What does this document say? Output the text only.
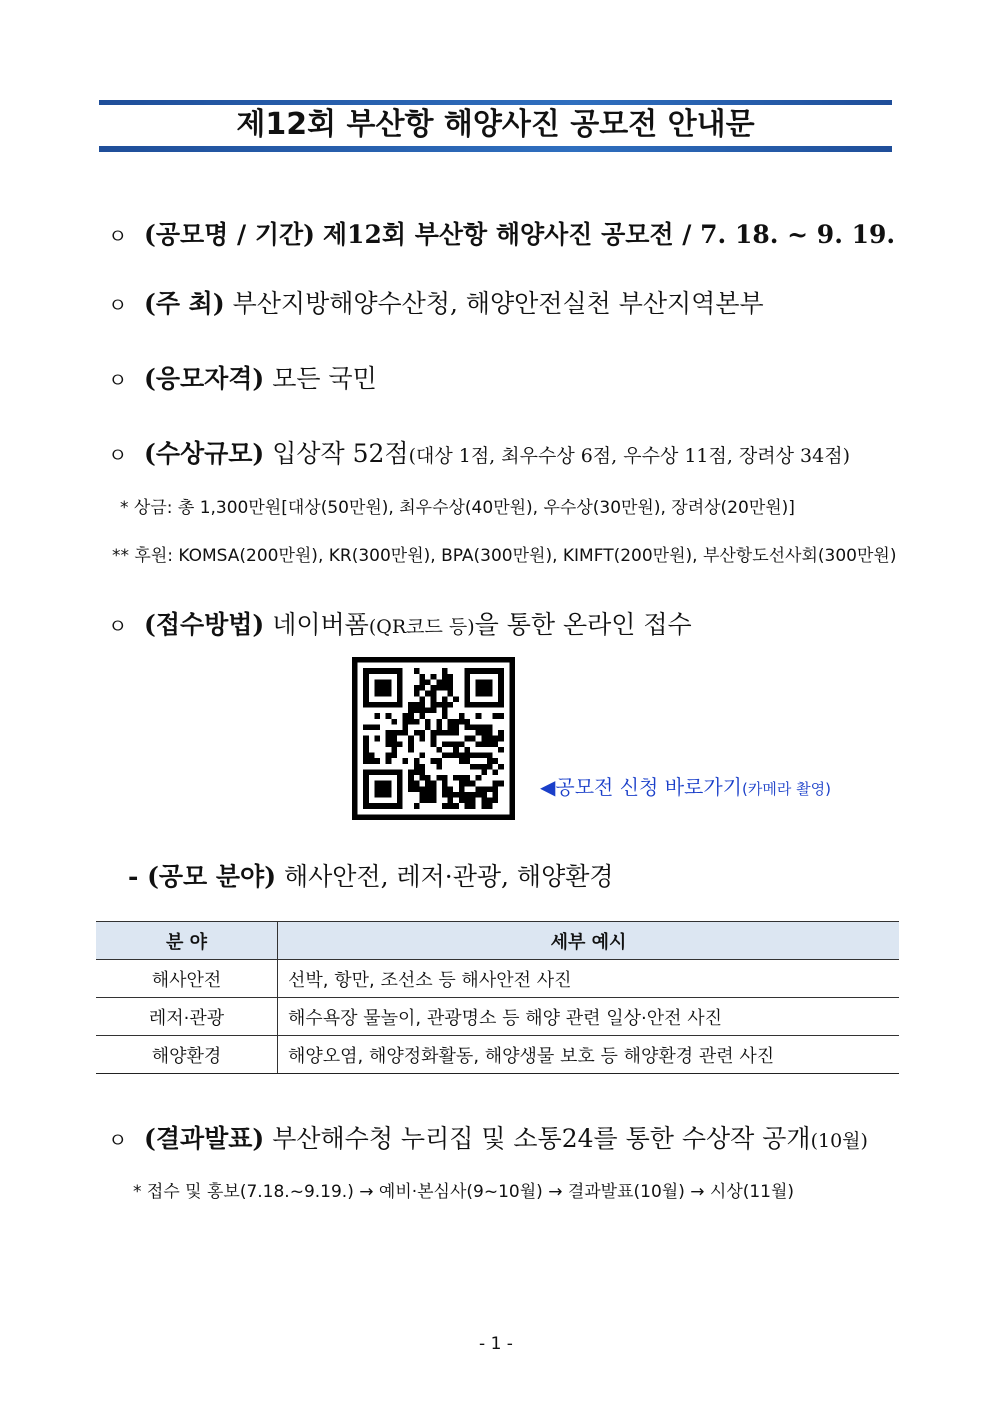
제12회 부산항 해양사진 공모전 안내문
ㅇ (공모명 / 기간) 제12회 부산항 해양사진 공모전 / 7. 18. ~ 9. 19.
ㅇ (주 최) 부산지방해양수산청, 해양안전실천 부산지역본부
ㅇ (응모자격) 모든 국민
ㅇ (수상규모) 입상작 52점(대상 1점, 최우수상 6점, 우수상 11점, 장려상 34점)
* 상금: 총 1,300만원[대상(50만원), 최우수상(40만원), 우수상(30만원), 장려상(20만원)]
** 후원: KOMSA(200만원), KR(300만원), BPA(300만원), KIMFT(200만원), 부산항도선사회(300만원)
ㅇ (접수방법) 네이버폼(QR코드 등)을 통한 온라인 접수
◀공모전 신청 바로가기(카메라 촬영)
- (공모 분야) 해사안전, 레저·관광, 해양환경
분 야	세부 예시
해사안전	선박, 항만, 조선소 등 해사안전 사진
레저·관광	해수욕장 물놀이, 관광명소 등 해양 관련 일상·안전 사진
해양환경	해양오염, 해양정화활동, 해양생물 보호 등 해양환경 관련 사진
ㅇ (결과발표) 부산해수청 누리집 및 소통24를 통한 수상작 공개(10월)
* 접수 및 홍보(7.18.~9.19.) → 예비·본심사(9~10월) → 결과발표(10월) → 시상(11월)
- 1 -
